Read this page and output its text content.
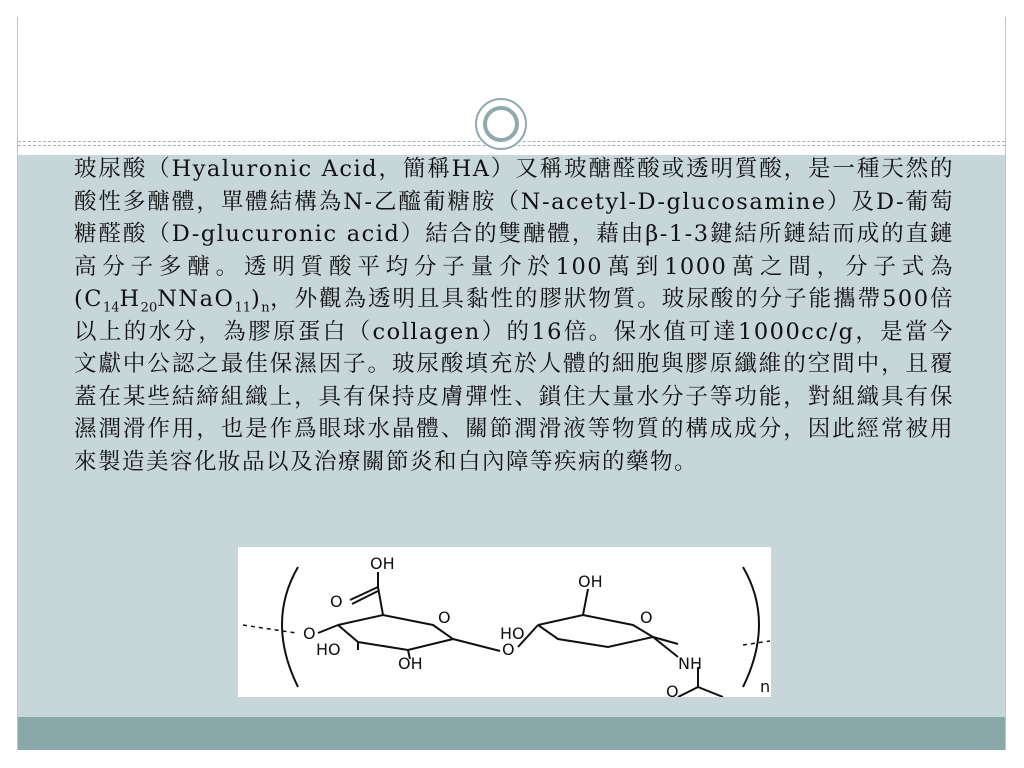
玻尿酸（Hyaluronic Acid，簡稱HA）又稱玻醣醛酸或透明質酸，是一種天然的酸性多醣體，單體結構為N-乙醯葡糖胺（N-acetyl-D-glucosamine）及D-葡萄糖醛酸（D-glucuronic acid）結合的雙醣體，藉由β-1-3鍵結所鏈結而成的直鏈高分子多醣。透明質酸平均分子量介於100萬到1000萬之間，分子式為$(C_{14}H_{20}NNaO_{11})_n$，外觀為透明且具黏性的膠狀物質。玻尿酸的分子能攜帶500倍以上的水分，為膠原蛋白（collagen）的16倍。保水值可達1000cc/g，是當今文獻中公認之最佳保濕因子。玻尿酸填充於人體的細胞與膠原纖維的空間中，且覆蓋在某些結締組織上，具有保持皮膚彈性、鎖住大量水分子等功能，對組織具有保濕潤滑作用，也是作爲眼球水晶體、關節潤滑液等物質的構成成分，因此經常被用來製造美容化妝品以及治療關節炎和白內障等疾病的藥物。
OH
O
O
O
HO
OH
HO
O
OH
O
NH
O	n
